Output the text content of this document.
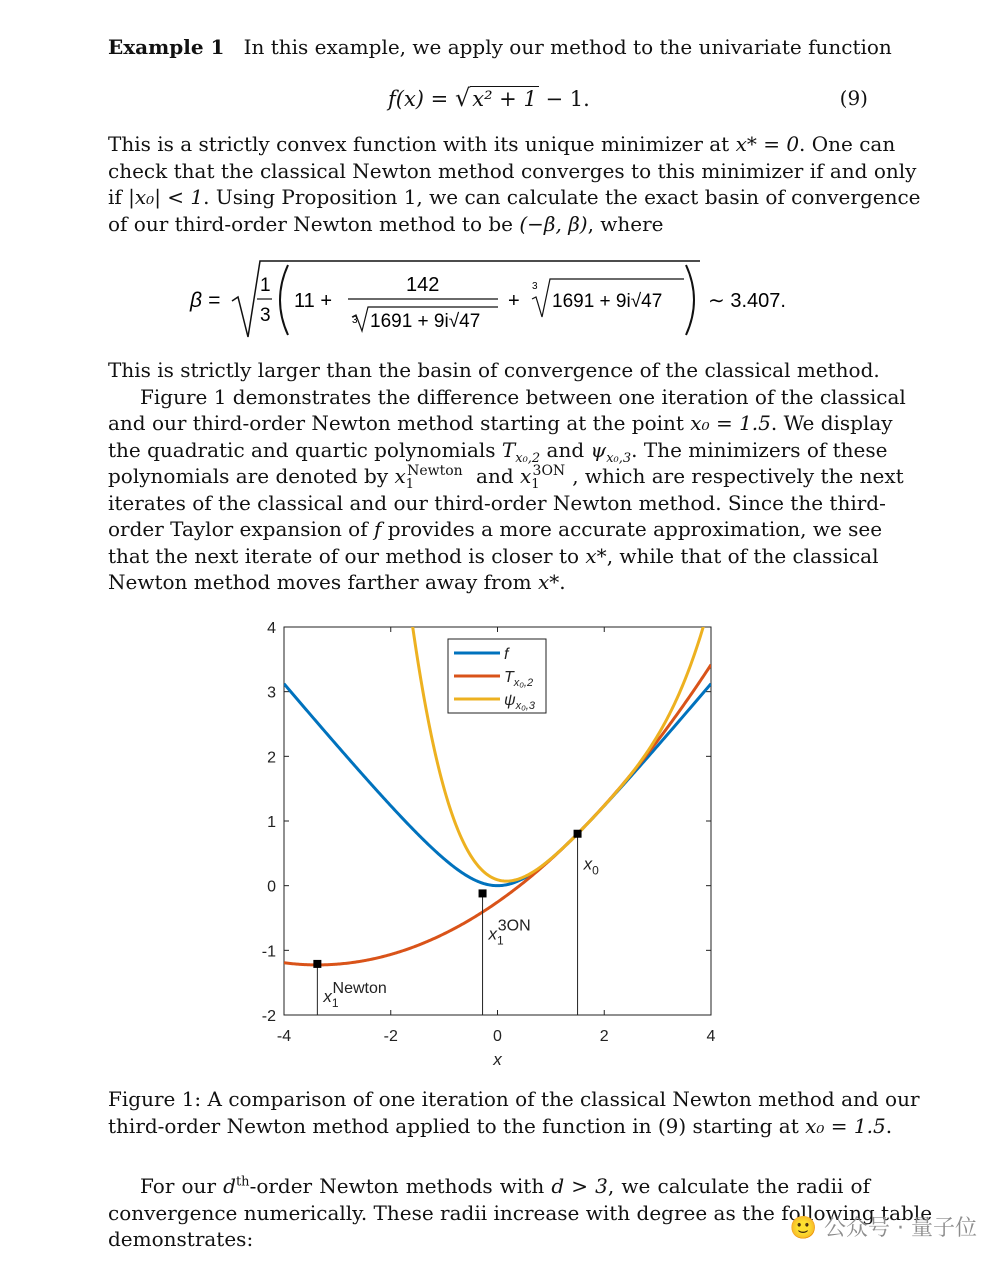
Example 1 In this example, we apply our method to the univariate function
f(x) = √x² + 1 − 1.	(9)
This is a strictly convex function with its unique minimizer at x* = 0. One can
check that the classical Newton method converges to this minimizer if and only
if |x₀| < 1. Using Proposition 1, we can calculate the exact basin of convergence
of our third-order Newton method to be (−β, β), where
β =
1
3
11 +
142
3 1691 + 9i√47
+
3
1691 + 9i√47 ∼ 3.407.
This is strictly larger than the basin of convergence of the classical method.
Figure 1 demonstrates the difference between one iteration of the classical
and our third-order Newton method starting at the point x₀ = 1.5. We display
the quadratic and quartic polynomials $T_{x_0,2}$ and $\psi_{x_0,3}$. The minimizers of these
polynomials are denoted by $x_1^{Newton}$ and $x_1^{3ON}$ , which are respectively the next
iterates of the classical and our third-order Newton method. Since the third-
order Taylor expansion of f provides a more accurate approximation, we see
that the next iterate of our method is closer to x*, while that of the classical
Newton method moves farther away from x*.
-4	-2	0	2	4
-2
-1
0
1
2
3
4
x
$x_1Newton$
$x_13ON$
$x_0$
f
$T_{x_0,2}$
$\psi_{x_0,3}$
Figure 1: A comparison of one iteration of the classical Newton method and our
third-order Newton method applied to the function in (9) starting at x₀ = 1.5.
For our $d^{th}$-order Newton methods with d > 3, we calculate the radii of
convergence numerically. These radii increase with degree as the following table
demonstrates:	🙂 公众号 · 量子位
